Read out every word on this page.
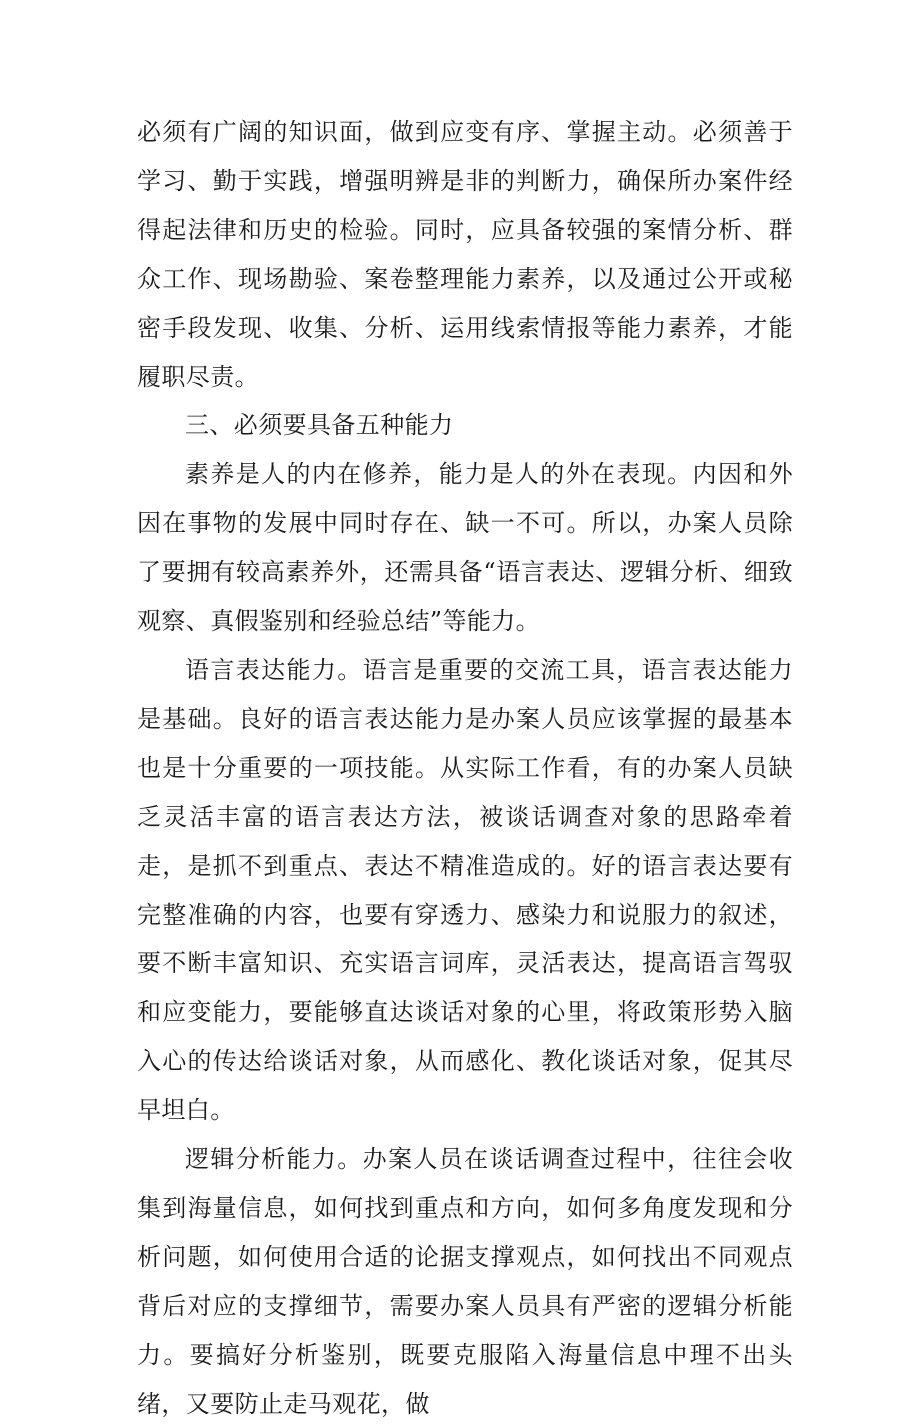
必须有广阔的知识面，做到应变有序、掌握主动。必须善于学习、勤于实践，增强明辨是非的判断力，确保所办案件经得起法律和历史的检验。同时，应具备较强的案情分析、群众工作、现场勘验、案卷整理能力素养，以及通过公开或秘密手段发现、收集、分析、运用线索情报等能力素养，才能履职尽责。

三、必须要具备五种能力

素养是人的内在修养，能力是人的外在表现。内因和外因在事物的发展中同时存在、缺一不可。所以，办案人员除了要拥有较高素养外，还需具备“语言表达、逻辑分析、细致观察、真假鉴别和经验总结”等能力。

语言表达能力。语言是重要的交流工具，语言表达能力是基础。良好的语言表达能力是办案人员应该掌握的最基本也是十分重要的一项技能。从实际工作看，有的办案人员缺乏灵活丰富的语言表达方法，被谈话调查对象的思路牵着走，是抓不到重点、表达不精准造成的。好的语言表达要有完整准确的内容，也要有穿透力、感染力和说服力的叙述，要不断丰富知识、充实语言词库，灵活表达，提高语言驾驭和应变能力，要能够直达谈话对象的心里，将政策形势入脑入心的传达给谈话对象，从而感化、教化谈话对象，促其尽早坦白。

逻辑分析能力。办案人员在谈话调查过程中，往往会收集到海量信息，如何找到重点和方向，如何多角度发现和分析问题，如何使用合适的论据支撑观点，如何找出不同观点背后对应的支撑细节，需要办案人员具有严密的逻辑分析能力。要搞好分析鉴别，既要克服陷入海量信息中理不出头绪，又要防止走马观花，做
